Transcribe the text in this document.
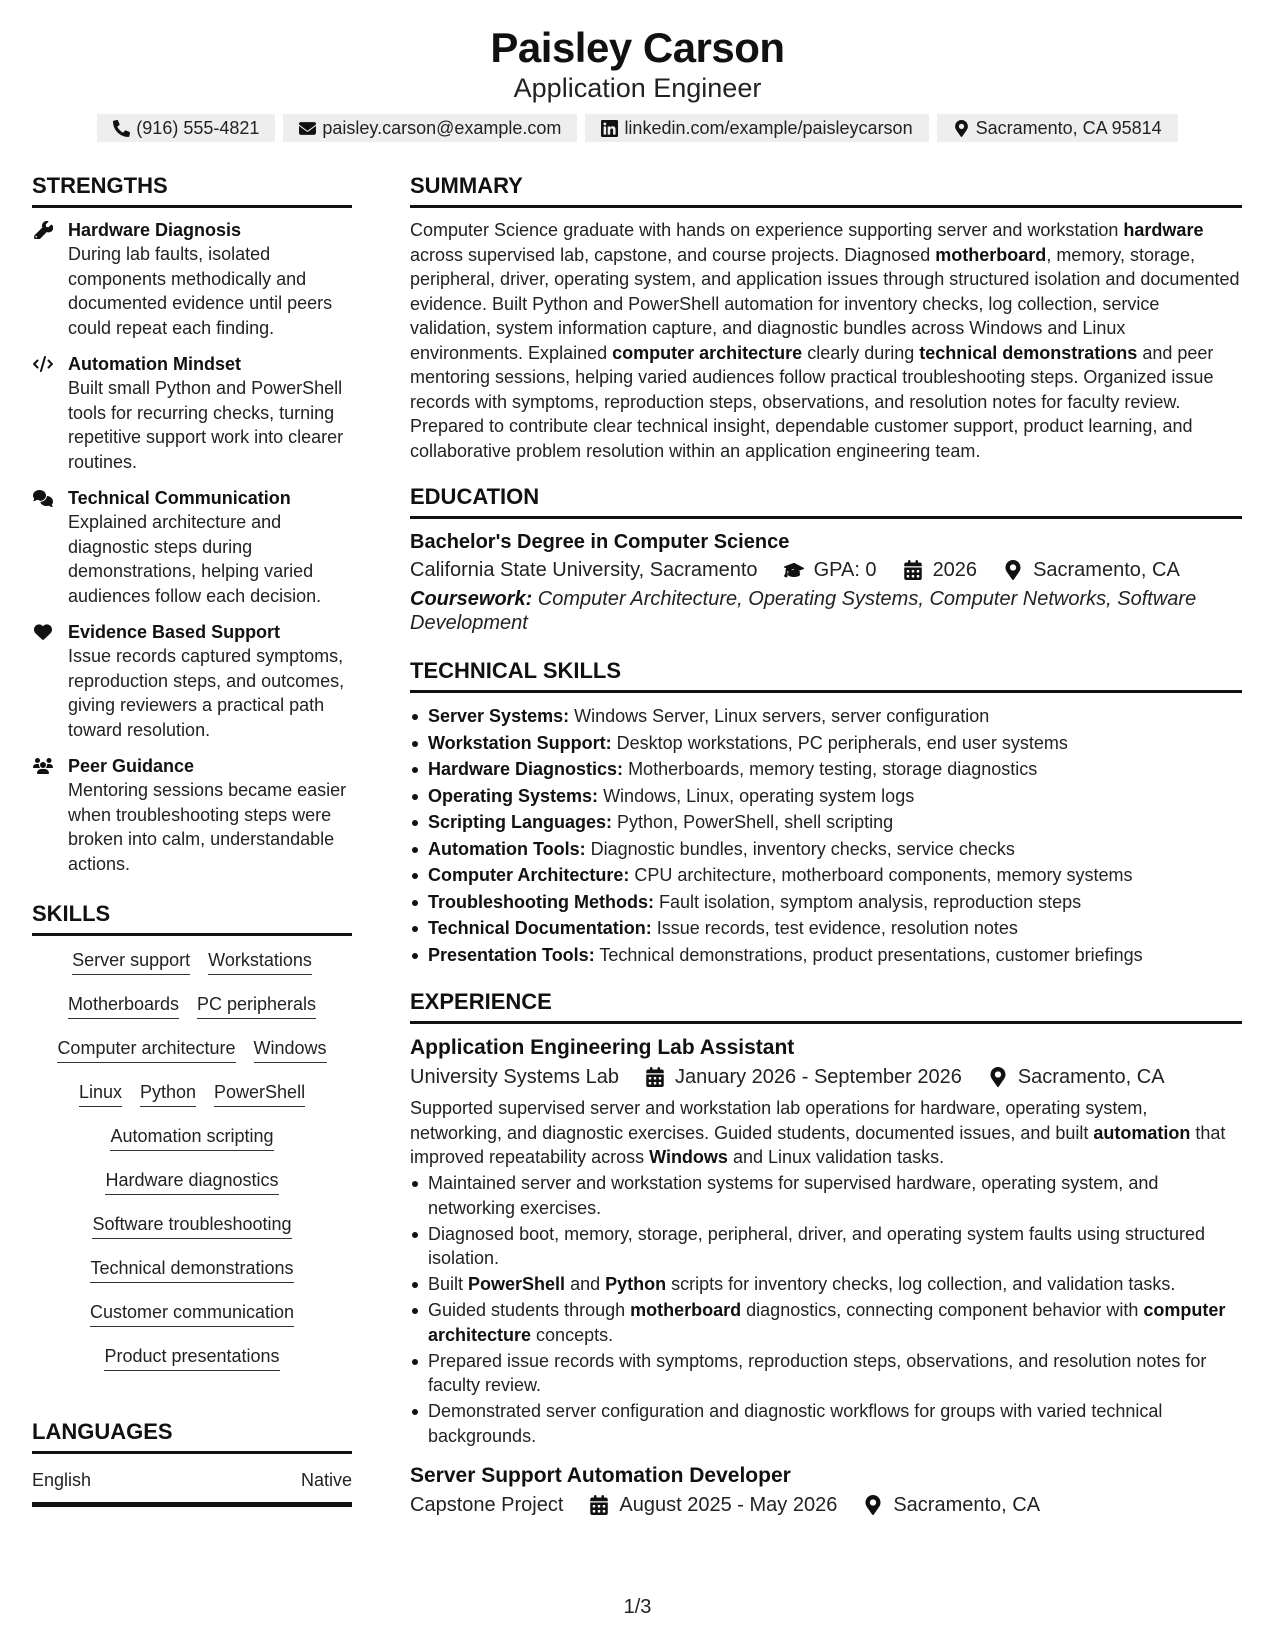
Paisley Carson
Application Engineer
(916) 555-4821	paisley.carson@example.com	linkedin.com/example/paisleycarson	Sacramento, CA 95814
STRENGTHS
Hardware Diagnosis
During lab faults, isolated components methodically and documented evidence until peers could repeat each finding.
Automation Mindset
Built small Python and PowerShell tools for recurring checks, turning repetitive support work into clearer routines.
Technical Communication
Explained architecture and diagnostic steps during demonstrations, helping varied audiences follow each decision.
Evidence Based Support
Issue records captured symptoms, reproduction steps, and outcomes, giving reviewers a practical path toward resolution.
Peer Guidance
Mentoring sessions became easier when troubleshooting steps were broken into calm, understandable actions.
SKILLS
Server support Workstations
Motherboards PC peripherals
Computer architecture Windows
Linux Python PowerShell
Automation scripting
Hardware diagnostics
Software troubleshooting
Technical demonstrations
Customer communication
Product presentations
LANGUAGES
English	Native
SUMMARY
Computer Science graduate with hands on experience supporting server and workstation hardware across supervised lab, capstone, and course projects. Diagnosed motherboard, memory, storage, peripheral, driver, operating system, and application issues through structured isolation and documented evidence. Built Python and PowerShell automation for inventory checks, log collection, service validation, system information capture, and diagnostic bundles across Windows and Linux environments. Explained computer architecture clearly during technical demonstrations and peer mentoring sessions, helping varied audiences follow practical troubleshooting steps. Organized issue records with symptoms, reproduction steps, observations, and resolution notes for faculty review. Prepared to contribute clear technical insight, dependable customer support, product learning, and collaborative problem resolution within an application engineering team.
EDUCATION
Bachelor's Degree in Computer Science
California State University, Sacramento	GPA: 0	2026	Sacramento, CA
Coursework: Computer Architecture, Operating Systems, Computer Networks, Software Development
TECHNICAL SKILLS
Server Systems: Windows Server, Linux servers, server configuration
Workstation Support: Desktop workstations, PC peripherals, end user systems
Hardware Diagnostics: Motherboards, memory testing, storage diagnostics
Operating Systems: Windows, Linux, operating system logs
Scripting Languages: Python, PowerShell, shell scripting
Automation Tools: Diagnostic bundles, inventory checks, service checks
Computer Architecture: CPU architecture, motherboard components, memory systems
Troubleshooting Methods: Fault isolation, symptom analysis, reproduction steps
Technical Documentation: Issue records, test evidence, resolution notes
Presentation Tools: Technical demonstrations, product presentations, customer briefings
EXPERIENCE
Application Engineering Lab Assistant
University Systems Lab	January 2026 - September 2026	Sacramento, CA
Supported supervised server and workstation lab operations for hardware, operating system, networking, and diagnostic exercises. Guided students, documented issues, and built automation that improved repeatability across Windows and Linux validation tasks.
Maintained server and workstation systems for supervised hardware, operating system, and networking exercises.
Diagnosed boot, memory, storage, peripheral, driver, and operating system faults using structured isolation.
Built PowerShell and Python scripts for inventory checks, log collection, and validation tasks.
Guided students through motherboard diagnostics, connecting component behavior with computer architecture concepts.
Prepared issue records with symptoms, reproduction steps, observations, and resolution notes for faculty review.
Demonstrated server configuration and diagnostic workflows for groups with varied technical backgrounds.
Server Support Automation Developer
Capstone Project	August 2025 - May 2026	Sacramento, CA
1/3
